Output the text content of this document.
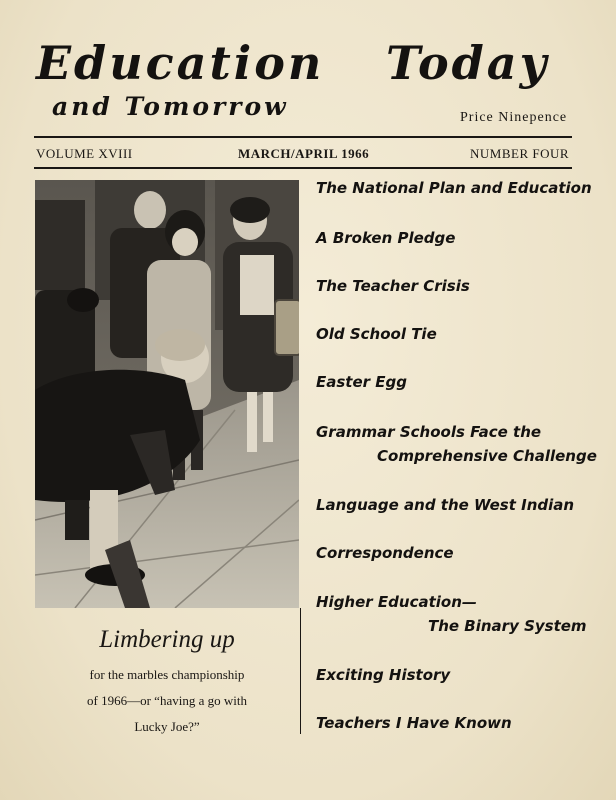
Education Today
and Tomorrow	Price Ninepence
VOLUME XVIII	MARCH/APRIL 1966	NUMBER FOUR
Limbering up
for the marbles championship
of 1966—or “having a go with
Lucky Joe?”
The National Plan and Education
A Broken Pledge
The Teacher Crisis
Old School Tie
Easter Egg
Grammar Schools Face the
Comprehensive Challenge
Language and the West Indian
Correspondence
Higher Education—
The Binary System
Exciting History
Teachers I Have Known
